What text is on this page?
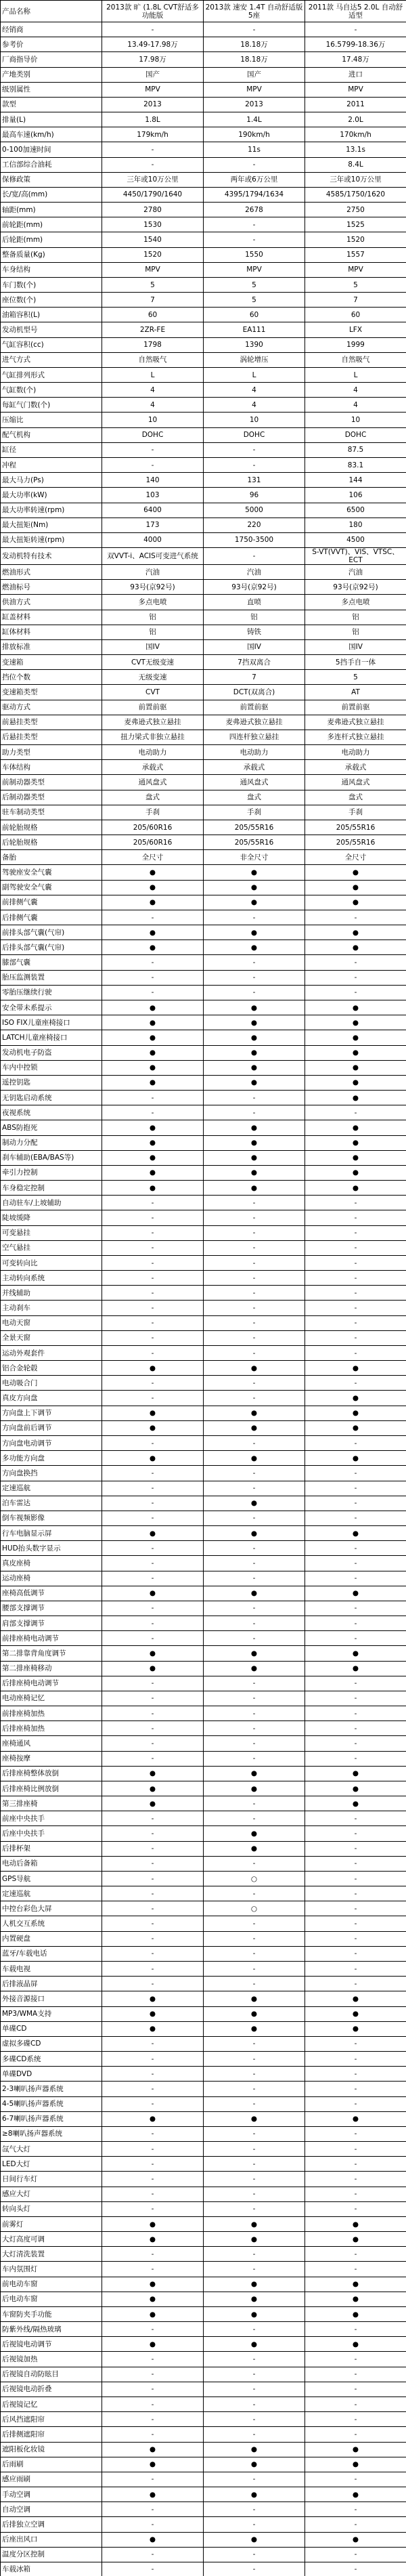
产品名称	2013款 旷 (1.8L CVT舒适多功能版	2013款 速安 1.4T 自动舒适版 5座	2011款 马自达5 2.0L 自动舒适型
经销商	-	-	-
参考价	13.49-17.98万	18.18万	16.5799-18.36万
厂商指导价	17.98万	18.18万	17.48万
产地类别	国产	国产	进口
级别属性	MPV	MPV	MPV
款型	2013	2013	2011
排量(L)	1.8L	1.4L	2.0L
最高车速(km/h)	179km/h	190km/h	170km/h
0-100加速时间	-	11s	13.1s
工信部综合油耗	-	-	8.4L
保修政策	三年或10万公里	两年或6万公里	三年或10万公里
长/宽/高(mm)	4450/1790/1640	4395/1794/1634	4585/1750/1620
轴距(mm)	2780	2678	2750
前轮距(mm)	1530	-	1525
后轮距(mm)	1540	-	1520
整备质量(Kg)	1520	1550	1557
车身结构	MPV	MPV	MPV
车门数(个)	5	5	5
座位数(个)	7	5	7
油箱容积(L)	60	60	60
发动机型号	2ZR-FE	EA111	LFX
气缸容积(cc)	1798	1390	1999
进气方式	自然吸气	涡轮增压	自然吸气
气缸排列形式	L	L	L
气缸数(个)	4	4	4
每缸气门数(个)	4	4	4
压缩比	10	10	10
配气机构	DOHC	DOHC	DOHC
缸径	-	-	87.5
冲程	-	-	83.1
最大马力(Ps)	140	131	144
最大功率(kW)	103	96	106
最大功率转速(rpm)	6400	5000	6500
最大扭矩(Nm)	173	220	180
最大扭矩转速(rpm)	4000	1750-3500	4500
发动机特有技术	双VVT-i、ACIS可变进气系统	-	S-VT(VVT)、VIS、VTSC、ECT
燃油形式	汽油	汽油	汽油
燃油标号	93号(京92号)	93号(京92号)	93号(京92号)
供油方式	多点电喷	直喷	多点电喷
缸盖材料	铝	铝	铝
缸体材料	铝	铸铁	铝
排放标准	国IV	国IV	国IV
变速箱	CVT无级变速	7挡双离合	5挡手自一体
挡位个数	无级变速	7	5
变速箱类型	CVT	DCT(双离合)	AT
驱动方式	前置前驱	前置前驱	前置前驱
前悬挂类型	麦弗逊式独立悬挂	麦弗逊式独立悬挂	麦弗逊式独立悬挂
后悬挂类型	扭力梁式非独立悬挂	四连杆独立悬挂	多连杆式独立悬挂
助力类型	电动助力	电动助力	电动助力
车体结构	承载式	承载式	承载式
前制动器类型	通风盘式	通风盘式	通风盘式
后制动器类型	盘式	盘式	盘式
驻车制动类型	手刹	手刹	手刹
前轮胎规格	205/60R16	205/55R16	205/55R16
后轮胎规格	205/60R16	205/55R16	205/55R16
备胎	全尺寸	非全尺寸	全尺寸
驾驶座安全气囊	●	●	●
副驾驶安全气囊	●	●	●
前排侧气囊	●	●	●
后排侧气囊	-	-	-
前排头部气囊(气帘)	●	●	●
后排头部气囊(气帘)	●	●	●
膝部气囊	-	-	-
胎压监测装置	-	-	-
零胎压继续行驶	-	-	-
安全带未系提示	●	●	●
ISO FIX儿童座椅接口	●	●	●
LATCH儿童座椅接口	●	●	●
发动机电子防盗	●	●	●
车内中控锁	●	●	●
遥控钥匙	●	●	●
无钥匙启动系统	-	-	●
夜视系统	-	-	-
ABS防抱死	●	●	●
制动力分配	●	●	●
刹车辅助(EBA/BAS等)	●	●	●
牵引力控制	●	●	●
车身稳定控制	●	●	●
自动驻车/上坡辅助	-	-	-
陡坡缓降	-	-	-
可变悬挂	-	-	-
空气悬挂	-	-	-
可变转向比	-	-	-
主动转向系统	-	-	-
并线辅助	-	-	-
主动刹车	-	-	-
电动天窗	-	-	-
全景天窗	-	-	-
运动外观套件	-	-	-
铝合金轮毂	●	●	●
电动吸合门	-	-	-
真皮方向盘	-	-	●
方向盘上下调节	●	●	●
方向盘前后调节	●	●	●
方向盘电动调节	-	-	-
多功能方向盘	●	●	●
方向盘换挡	-	-	-
定速巡航	-	-	-
泊车雷达	-	●	-
倒车视频影像	-	-	-
行车电脑显示屏	●	●	●
HUD抬头数字显示	-	-	-
真皮座椅	-	-	-
运动座椅	-	-	-
座椅高低调节	●	●	●
腰部支撑调节	-	-	-
肩部支撑调节	-	-	-
前排座椅电动调节	-	-	-
第二排靠背角度调节	●	●	●
第二排座椅移动	●	●	●
后排座椅电动调节	-	-	-
电动座椅记忆	-	-	-
前排座椅加热	-	-	-
后排座椅加热	-	-	-
座椅通风	-	-	-
座椅按摩	-	-	-
后排座椅整体放倒	●	●	●
后排座椅比例放倒	●	●	●
第三排座椅	●	-	●
前座中央扶手	-	-	-
后座中央扶手	-	●	-
后排杯架	-	●	-
电动后备箱	-	-	-
GPS导航	-	○	-
定速巡航	-	-	-
中控台彩色大屏	-	○	-
人机交互系统	-	-	-
内置硬盘	-	-	-
蓝牙/车载电话	-	-	-
车载电视	-	-	-
后排液晶屏	-	-	-
外接音源接口	●	●	●
MP3/WMA支持	●	●	●
单碟CD	●	●	●
虚拟多碟CD	-	-	-
多碟CD系统	-	-	-
单碟DVD	-	-	-
2-3喇叭扬声器系统	-	-	-
4-5喇叭扬声器系统	-	-	-
6-7喇叭扬声器系统	●	●	●
≥8喇叭扬声器系统	-	-	-
氙气大灯	-	-	-
LED大灯	-	-	-
日间行车灯	-	-	-
感应大灯	-	-	-
转向头灯	-	-	-
前雾灯	●	●	●
大灯高度可调	●	●	●
大灯清洗装置	-	-	-
车内氛围灯	-	-	-
前电动车窗	●	●	●
后电动车窗	●	●	●
车窗防夹手功能	●	●	●
防紫外线/隔热玻璃	-	-	-
后视镜电动调节	●	●	●
后视镜加热	-	-	-
后视镜自动防眩目	-	-	-
后视镜电动折叠	-	-	-
后视镜记忆	-	-	-
后风挡遮阳帘	-	-	-
后排侧遮阳帘	-	-	-
遮阳板化妆镜	●	●	●
后雨刷	●	●	●
感应雨刷	-	-	-
手动空调	●	●	●
自动空调	-	-	-
后排独立空调	-	-	-
后座出风口	●	●	●
温度分区控制	-	-	-
车载冰箱	-	-	-
